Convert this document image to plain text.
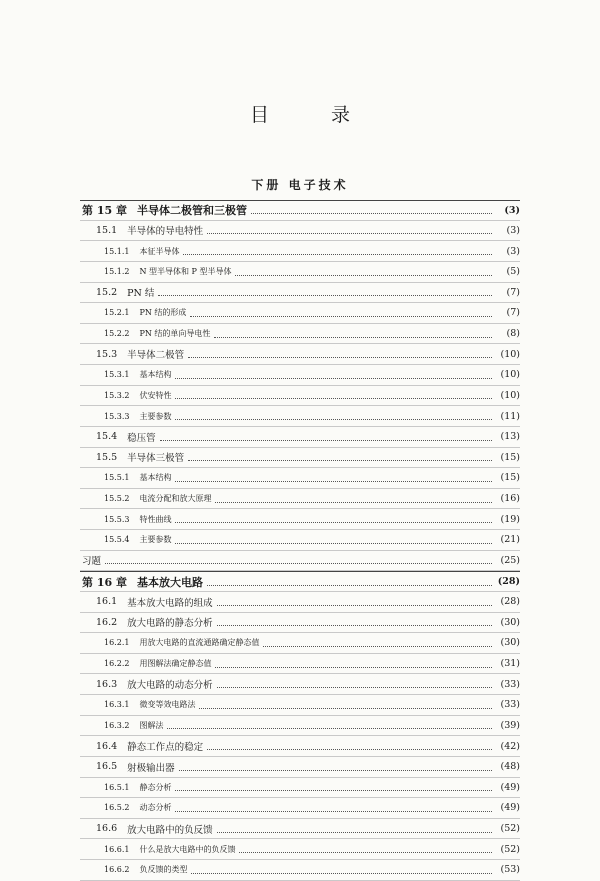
目 录
下册 电子技术
第 15 章 半导体二极管和三极管	(3)
15.1 半导体的导电特性	(3)
15.1.1 本征半导体	(3)
15.1.2 N 型半导体和 P 型半导体	(5)
15.2 PN 结	(7)
15.2.1 PN 结的形成	(7)
15.2.2 PN 结的单向导电性	(8)
15.3 半导体二极管	(10)
15.3.1 基本结构	(10)
15.3.2 伏安特性	(10)
15.3.3 主要参数	(11)
15.4 稳压管	(13)
15.5 半导体三极管	(15)
15.5.1 基本结构	(15)
15.5.2 电流分配和放大原理	(16)
15.5.3 特性曲线	(19)
15.5.4 主要参数	(21)
习题	(25)
第 16 章 基本放大电路	(28)
16.1 基本放大电路的组成	(28)
16.2 放大电路的静态分析	(30)
16.2.1 用放大电路的直流通路确定静态值	(30)
16.2.2 用图解法确定静态值	(31)
16.3 放大电路的动态分析	(33)
16.3.1 微变等效电路法	(33)
16.3.2 图解法	(39)
16.4 静态工作点的稳定	(42)
16.5 射极输出器	(48)
16.5.1 静态分析	(49)
16.5.2 动态分析	(49)
16.6 放大电路中的负反馈	(52)
16.6.1 什么是放大电路中的负反馈	(52)
16.6.2 负反馈的类型	(53)
